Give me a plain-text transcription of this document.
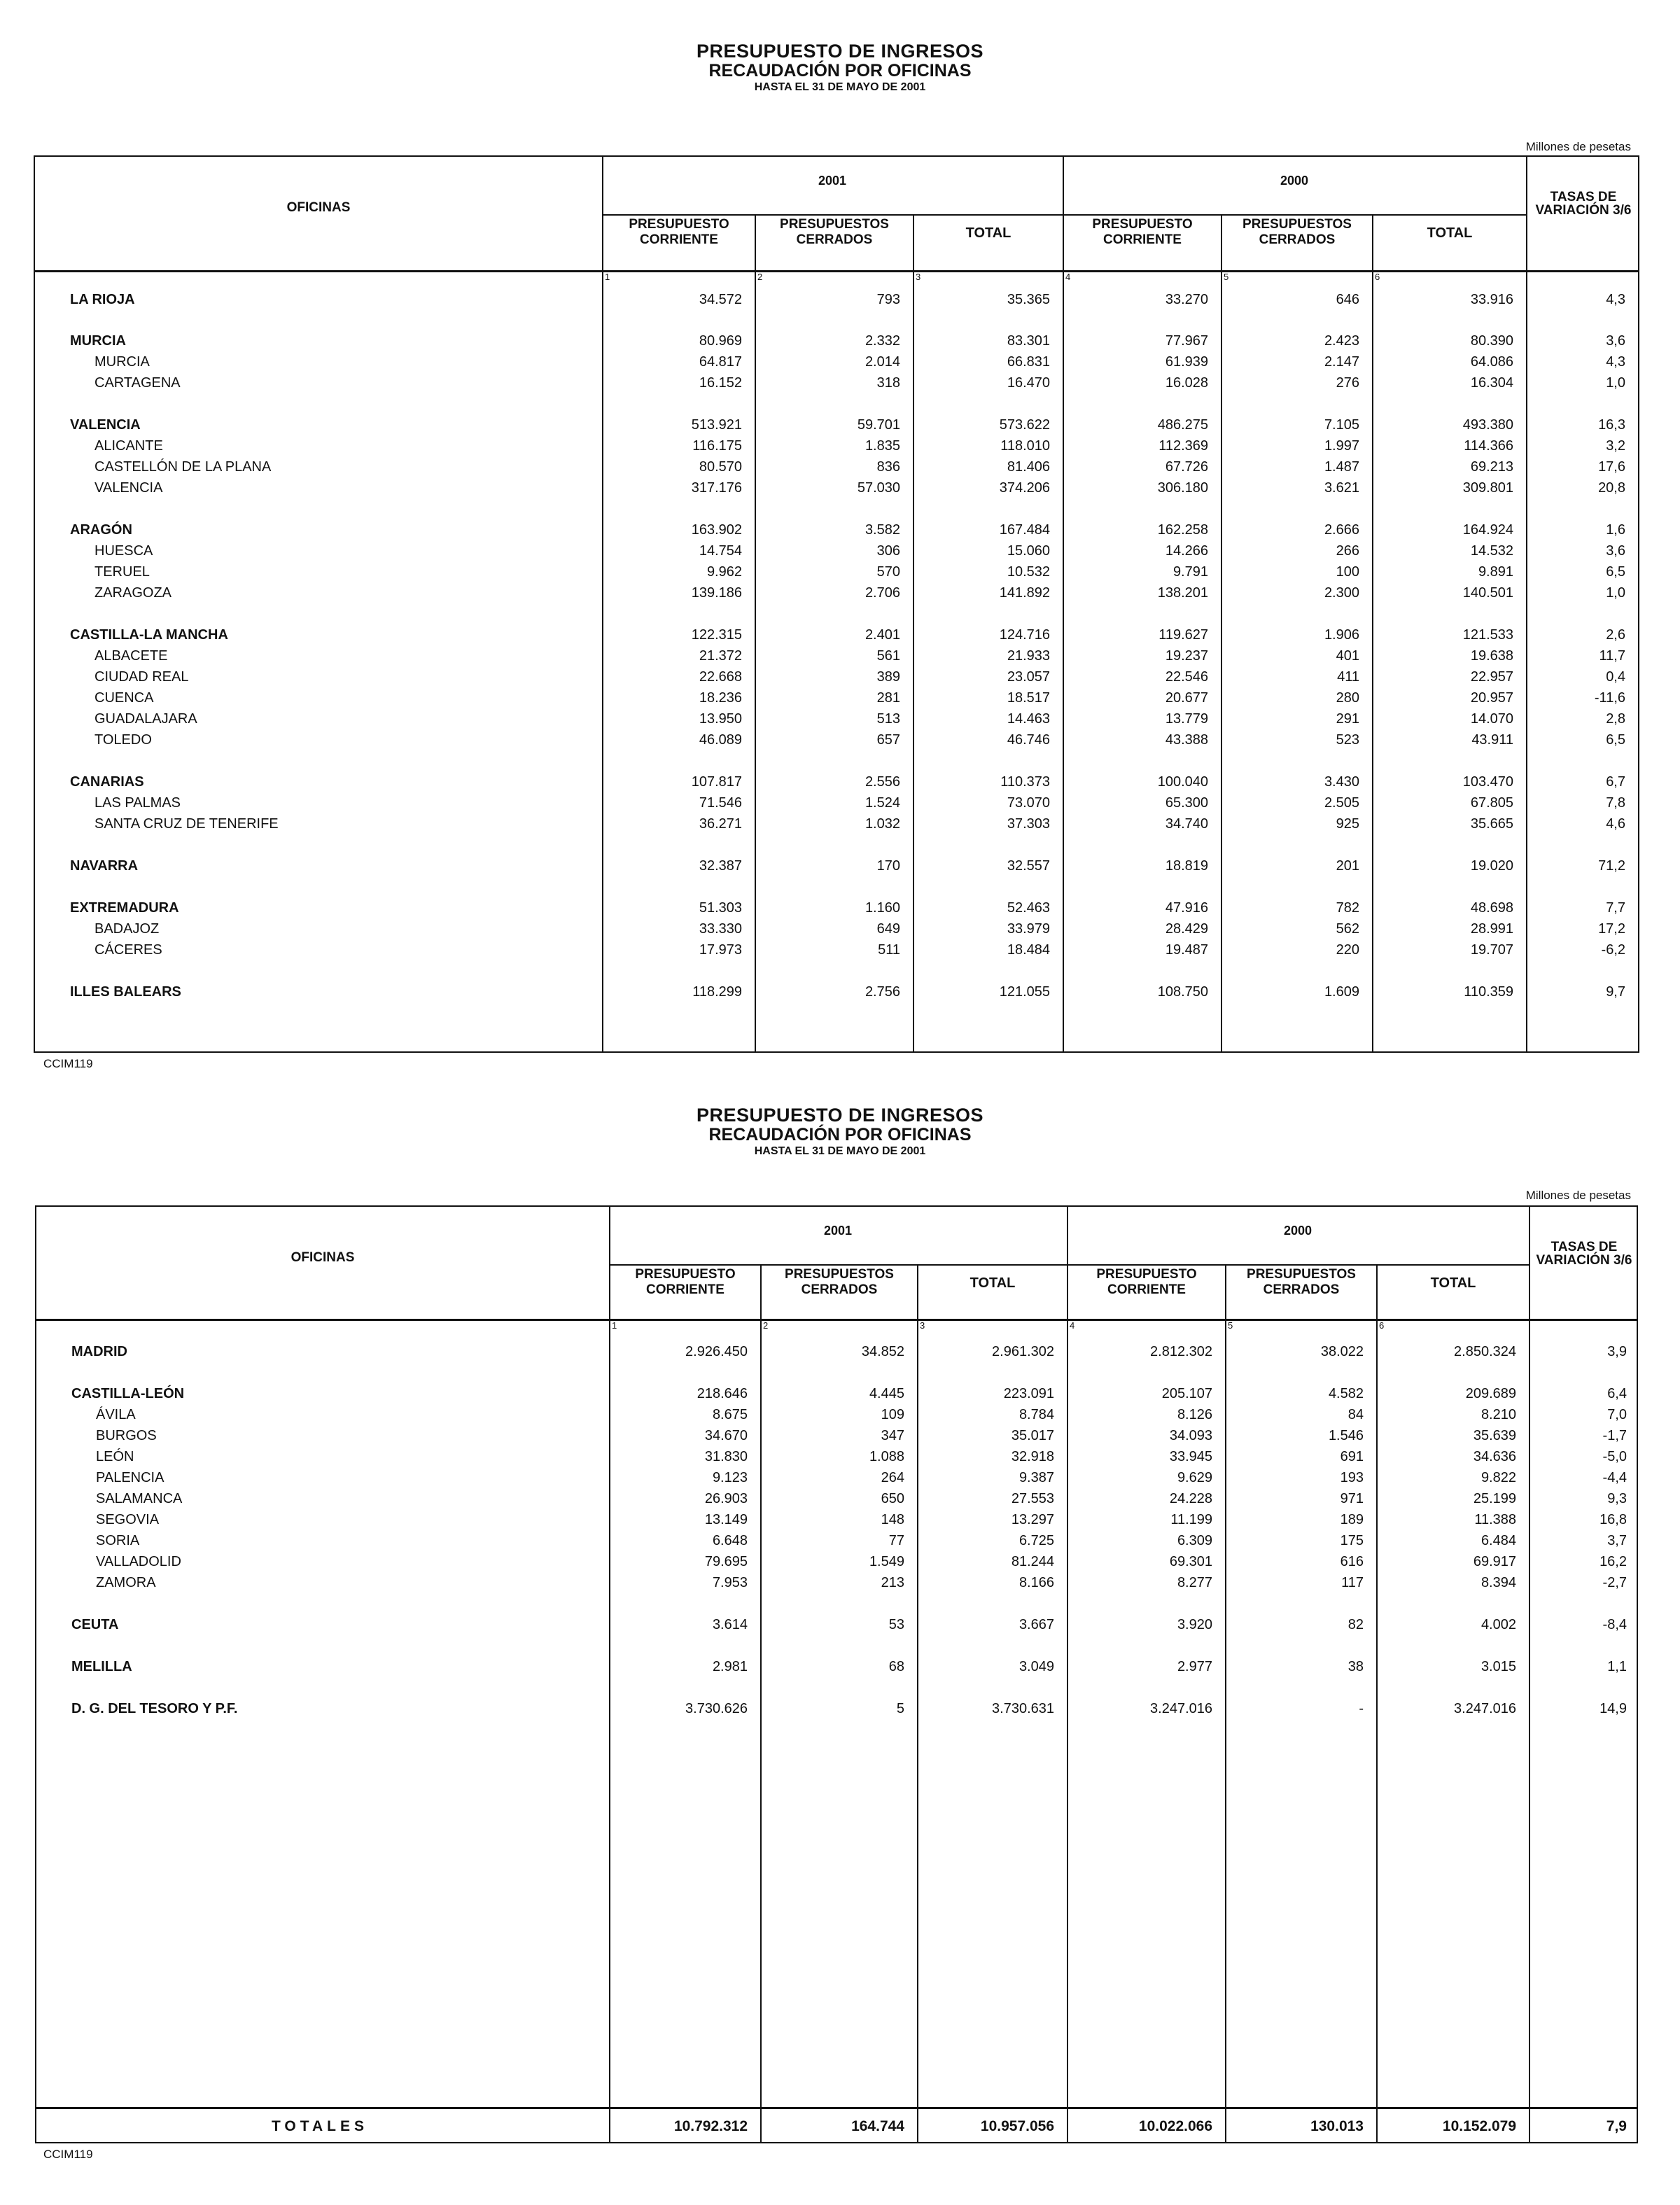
PRESUPUESTO DE INGRESOS
RECAUDACIÓN POR OFICINAS
HASTA EL 31 DE MAYO DE 2001
Millones de pesetas
OFICINAS
2001	2000
PRESUPUESTO CORRIENTE
PRESUPUESTOS CERRADOS	TOTAL
PRESUPUESTO CORRIENTE
PRESUPUESTOS CERRADOS	TOTAL
TASAS DE VARIACIÓN 3/6
1	2	3	4	5	6
LA RIOJA	34.572	793	35.365	33.270	646	33.916	4,3
MURCIA	80.969	2.332	83.301	77.967	2.423	80.390	3,6
MURCIA	64.817	2.014	66.831	61.939	2.147	64.086	4,3
CARTAGENA	16.152	318	16.470	16.028	276	16.304	1,0
VALENCIA	513.921	59.701	573.622	486.275	7.105	493.380	16,3
ALICANTE	116.175	1.835	118.010	112.369	1.997	114.366	3,2
CASTELLÓN DE LA PLANA	80.570	836	81.406	67.726	1.487	69.213	17,6
VALENCIA	317.176	57.030	374.206	306.180	3.621	309.801	20,8
ARAGÓN	163.902	3.582	167.484	162.258	2.666	164.924	1,6
HUESCA	14.754	306	15.060	14.266	266	14.532	3,6
TERUEL	9.962	570	10.532	9.791	100	9.891	6,5
ZARAGOZA	139.186	2.706	141.892	138.201	2.300	140.501	1,0
CASTILLA-LA MANCHA	122.315	2.401	124.716	119.627	1.906	121.533	2,6
ALBACETE	21.372	561	21.933	19.237	401	19.638	11,7
CIUDAD REAL	22.668	389	23.057	22.546	411	22.957	0,4
CUENCA	18.236	281	18.517	20.677	280	20.957	-11,6
GUADALAJARA	13.950	513	14.463	13.779	291	14.070	2,8
TOLEDO	46.089	657	46.746	43.388	523	43.911	6,5
CANARIAS	107.817	2.556	110.373	100.040	3.430	103.470	6,7
LAS PALMAS	71.546	1.524	73.070	65.300	2.505	67.805	7,8
SANTA CRUZ DE TENERIFE	36.271	1.032	37.303	34.740	925	35.665	4,6
NAVARRA	32.387	170	32.557	18.819	201	19.020	71,2
EXTREMADURA	51.303	1.160	52.463	47.916	782	48.698	7,7
BADAJOZ	33.330	649	33.979	28.429	562	28.991	17,2
CÁCERES	17.973	511	18.484	19.487	220	19.707	-6,2
ILLES BALEARS	118.299	2.756	121.055	108.750	1.609	110.359	9,7
CCIM119
PRESUPUESTO DE INGRESOS
RECAUDACIÓN POR OFICINAS
HASTA EL 31 DE MAYO DE 2001
Millones de pesetas
OFICINAS
2001	2000
PRESUPUESTO CORRIENTE
PRESUPUESTOS CERRADOS	TOTAL
PRESUPUESTO CORRIENTE
PRESUPUESTOS CERRADOS	TOTAL
TASAS DE VARIACIÓN 3/6
1	2	3	4	5	6
MADRID	2.926.450	34.852	2.961.302	2.812.302	38.022	2.850.324	3,9
CASTILLA-LEÓN	218.646	4.445	223.091	205.107	4.582	209.689	6,4
ÁVILA	8.675	109	8.784	8.126	84	8.210	7,0
BURGOS	34.670	347	35.017	34.093	1.546	35.639	-1,7
LEÓN	31.830	1.088	32.918	33.945	691	34.636	-5,0
PALENCIA	9.123	264	9.387	9.629	193	9.822	-4,4
SALAMANCA	26.903	650	27.553	24.228	971	25.199	9,3
SEGOVIA	13.149	148	13.297	11.199	189	11.388	16,8
SORIA	6.648	77	6.725	6.309	175	6.484	3,7
VALLADOLID	79.695	1.549	81.244	69.301	616	69.917	16,2
ZAMORA	7.953	213	8.166	8.277	117	8.394	-2,7
CEUTA	3.614	53	3.667	3.920	82	4.002	-8,4
MELILLA	2.981	68	3.049	2.977	38	3.015	1,1
D. G. DEL TESORO Y P.F.	3.730.626	5	3.730.631	3.247.016	-	3.247.016	14,9
TOTALES	10.792.312	164.744	10.957.056	10.022.066	130.013	10.152.079	7,9
CCIM119
